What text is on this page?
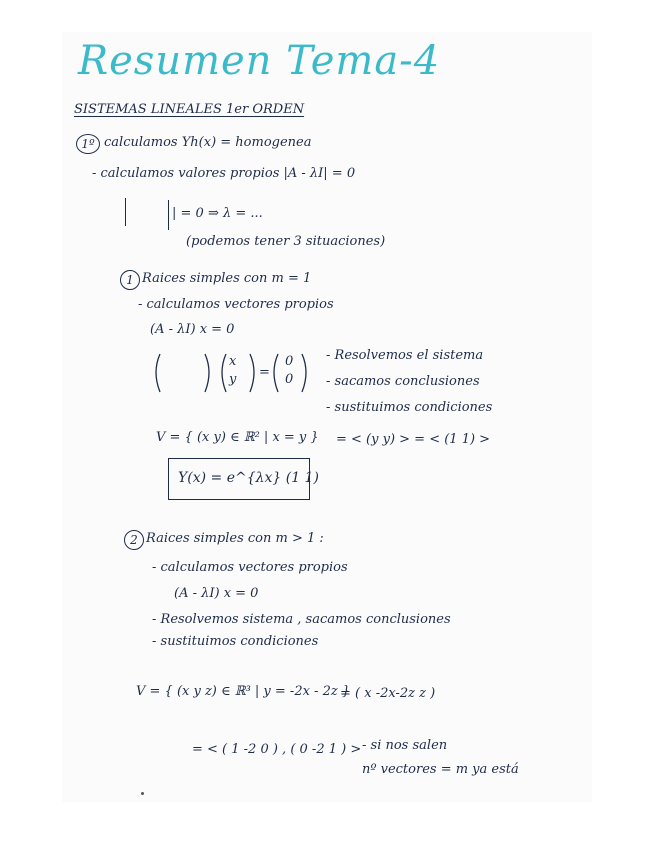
Resumen Tema-4
SISTEMAS LINEALES 1er ORDEN
1º calculamos Yh(x) = homogenea
- calculamos valores propios |A - λI| = 0
| = 0 ⇒ λ = ...
(podemos tener 3 situaciones)
1 Raices simples con m = 1
- calculamos vectores propios
(A - λI) x = 0
x
y =
0
0
- Resolvemos el sistema
- sacamos conclusiones
- sustituimos condiciones
V = { (x y) ∈ ℝ² | x = y } = < (y y) > = < (1 1) >
Y(x) = e^{λx} (1 1)
2 Raices simples con m > 1 :
- calculamos vectores propios
(A - λI) x = 0
- Resolvemos sistema , sacamos conclusiones
- sustituimos condiciones
V = { (x y z) ∈ ℝ³ | y = -2x - 2z }
= ( x -2x-2z z )
= < ( 1 -2 0 ) , ( 0 -2 1 ) > - si nos salen
nº vectores = m ya está
